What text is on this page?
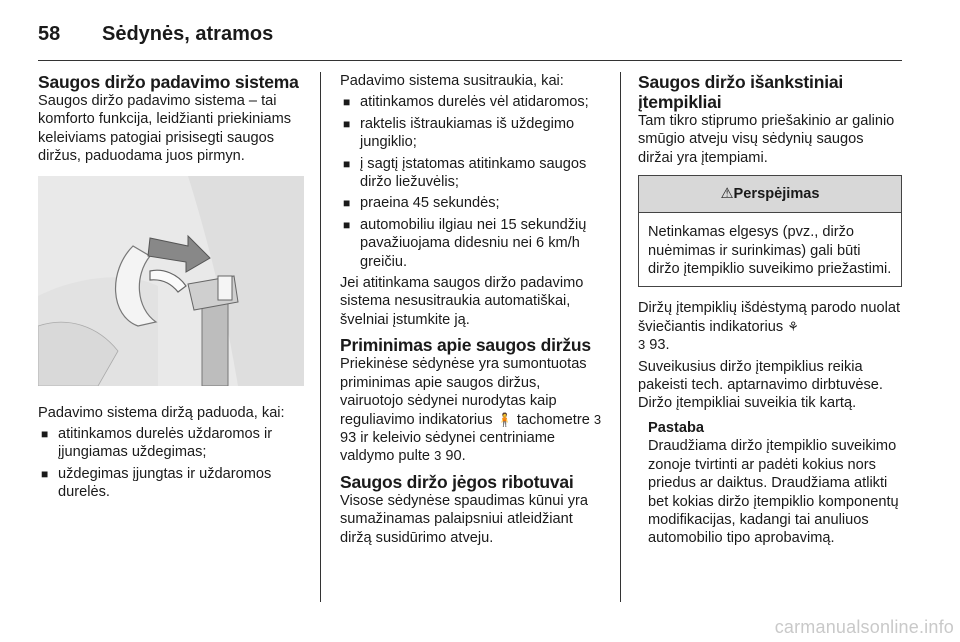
58	Sėdynės, atramos
Saugos diržo padavimo sistema

Saugos diržo padavimo sistema – tai komforto funkcija, leidžianti priekiniams keleiviams patogiai prisisegti saugos diržus, paduodama juos pirmyn.

Padavimo sistema diržą paduoda, kai:

■ atitinkamos durelės uždaromos ir įjungiamas uždegimas;
■ uždegimas įjungtas ir uždaromos durelės.

Padavimo sistema susitraukia, kai:

■ atitinkamos durelės vėl atidaromos;
■ raktelis ištraukiamas iš uždegimo jungiklio;
■ į sagtį įstatomas atitinkamo saugos diržo liežuvėlis;
■ praeina 45 sekundės;
■ automobiliu ilgiau nei 15 sekundžių pavažiuojama didesniu nei 6 km/h greičiu.

Jei atitinkama saugos diržo padavimo sistema nesusitraukia automatiškai, švelniai įstumkite ją.

Priminimas apie saugos diržus

Priekinėse sėdynėse yra sumontuotas priminimas apie saugos diržus, vairuotojo sėdynei nurodytas kaip reguliavimo indikatorius 🧍 tachometre 3 93 ir keleivio sėdynei centriniame valdymo pulte 3 90.

Saugos diržo jėgos ribotuvai

Visose sėdynėse spaudimas kūnui yra sumažinamas palaipsniui atleidžiant diržą susidūrimo atveju.

Saugos diržo išankstiniai įtempikliai

Tam tikro stiprumo priešakinio ar galinio smūgio atveju visų sėdynių saugos diržai yra įtempiami.

⚠ Perspėjimas
Netinkamas elgesys (pvz., diržo nuėmimas ir surinkimas) gali būti diržo įtempiklio suveikimo priežastimi.

Diržų įtempiklių išdėstymą parodo nuolat šviečiantis indikatorius ⚘
3 93.

Suveikusius diržo įtempiklius reikia pakeisti tech. aptarnavimo dirbtuvėse. Diržo įtempikliai suveikia tik kartą.

Pastaba
Draudžiama diržo įtempiklio suveikimo zonoje tvirtinti ar padėti kokius nors priedus ar daiktus. Draudžiama atlikti bet kokias diržo įtempiklio komponentų modifikacijas, kadangi tai anuliuos automobilio tipo aprobavimą.
carmanualsonline.info
